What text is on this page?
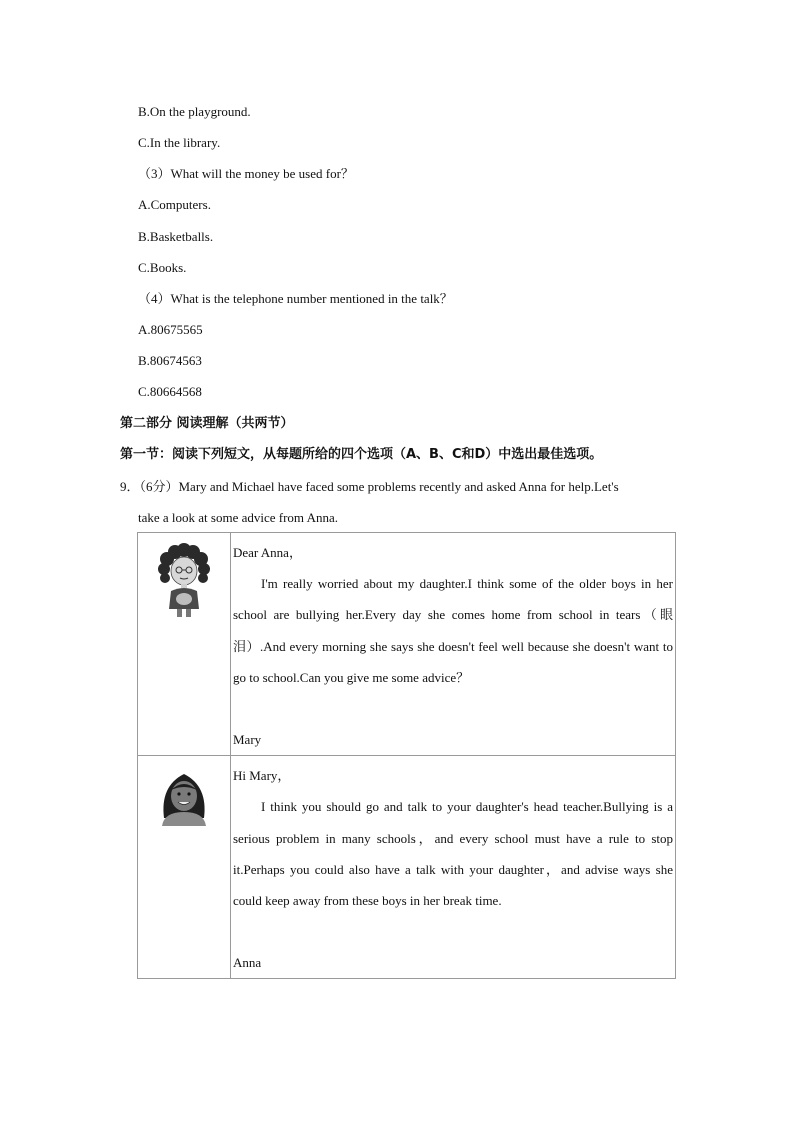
B.On the playground.
C.In the library.
（3）What will the money be used for？
A.Computers.
B.Basketballs.
C.Books.
（4）What is the telephone number mentioned in the talk？
A.80675565
B.80674563
C.80664568
第二部分 阅读理解（共两节）
第一节：阅读下列短文，从每题所给的四个选项（A、B、C和D）中选出最佳选项。
9．（6分）Mary and Michael have faced some problems recently and asked Anna for help.Let's
take a look at some advice from Anna.

Dear Anna，

I'm really worried about my daughter.I think some of the older boys in her school are bullying her.Every day she comes home from school in tears（眼泪）.And every morning she says she doesn't feel well because she doesn't want to go to school.Can you give me some advice？

Mary

Hi Mary，

I think you should go and talk to your daughter's head teacher.Bullying is a serious problem in many schools，and every school must have a rule to stop it.Perhaps you could also have a talk with your daughter，and advise ways she could keep away from these boys in her break time.

Anna
